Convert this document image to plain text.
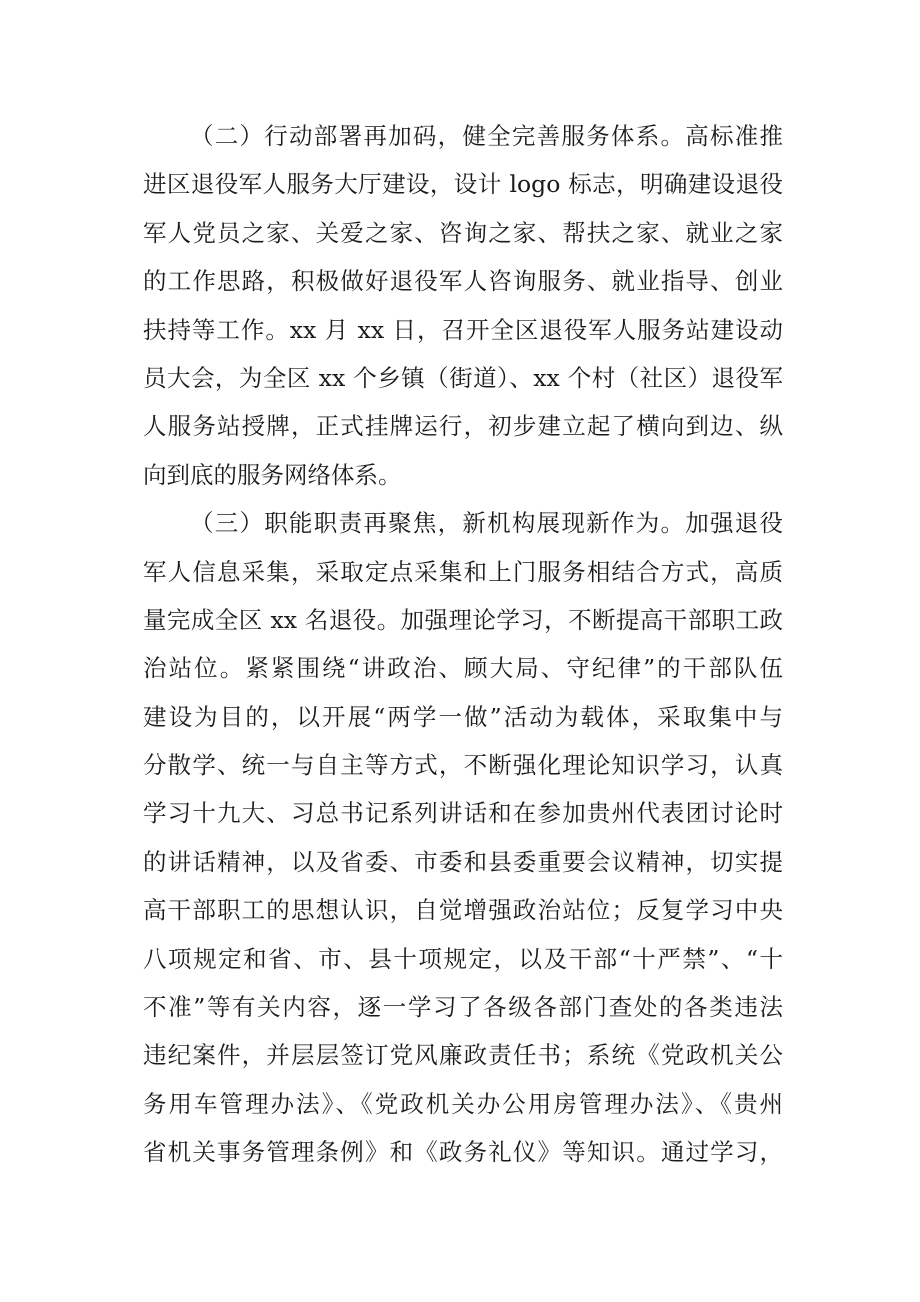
（二）行动部署再加码，健全完善服务体系。高标准推
进区退役军人服务大厅建设，设计 logo 标志，明确建设退役
军人党员之家、关爱之家、咨询之家、帮扶之家、就业之家
的工作思路，积极做好退役军人咨询服务、就业指导、创业
扶持等工作。xx 月 xx 日，召开全区退役军人服务站建设动
员大会，为全区 xx 个乡镇（街道）、xx 个村（社区）退役军
人服务站授牌，正式挂牌运行，初步建立起了横向到边、纵
向到底的服务网络体系。
（三）职能职责再聚焦，新机构展现新作为。加强退役
军人信息采集，采取定点采集和上门服务相结合方式，高质
量完成全区 xx 名退役。加强理论学习，不断提高干部职工政
治站位。紧紧围绕“讲政治、顾大局、守纪律”的干部队伍
建设为目的，以开展“两学一做”活动为载体，采取集中与
分散学、统一与自主等方式，不断强化理论知识学习，认真
学习十九大、习总书记系列讲话和在参加贵州代表团讨论时
的讲话精神，以及省委、市委和县委重要会议精神，切实提
高干部职工的思想认识，自觉增强政治站位；反复学习中央
八项规定和省、市、县十项规定，以及干部“十严禁”、“十
不准”等有关内容，逐一学习了各级各部门查处的各类违法
违纪案件，并层层签订党风廉政责任书；系统《党政机关公
务用车管理办法》、《党政机关办公用房管理办法》、《贵州
省机关事务管理条例》和《政务礼仪》等知识。通过学习，
